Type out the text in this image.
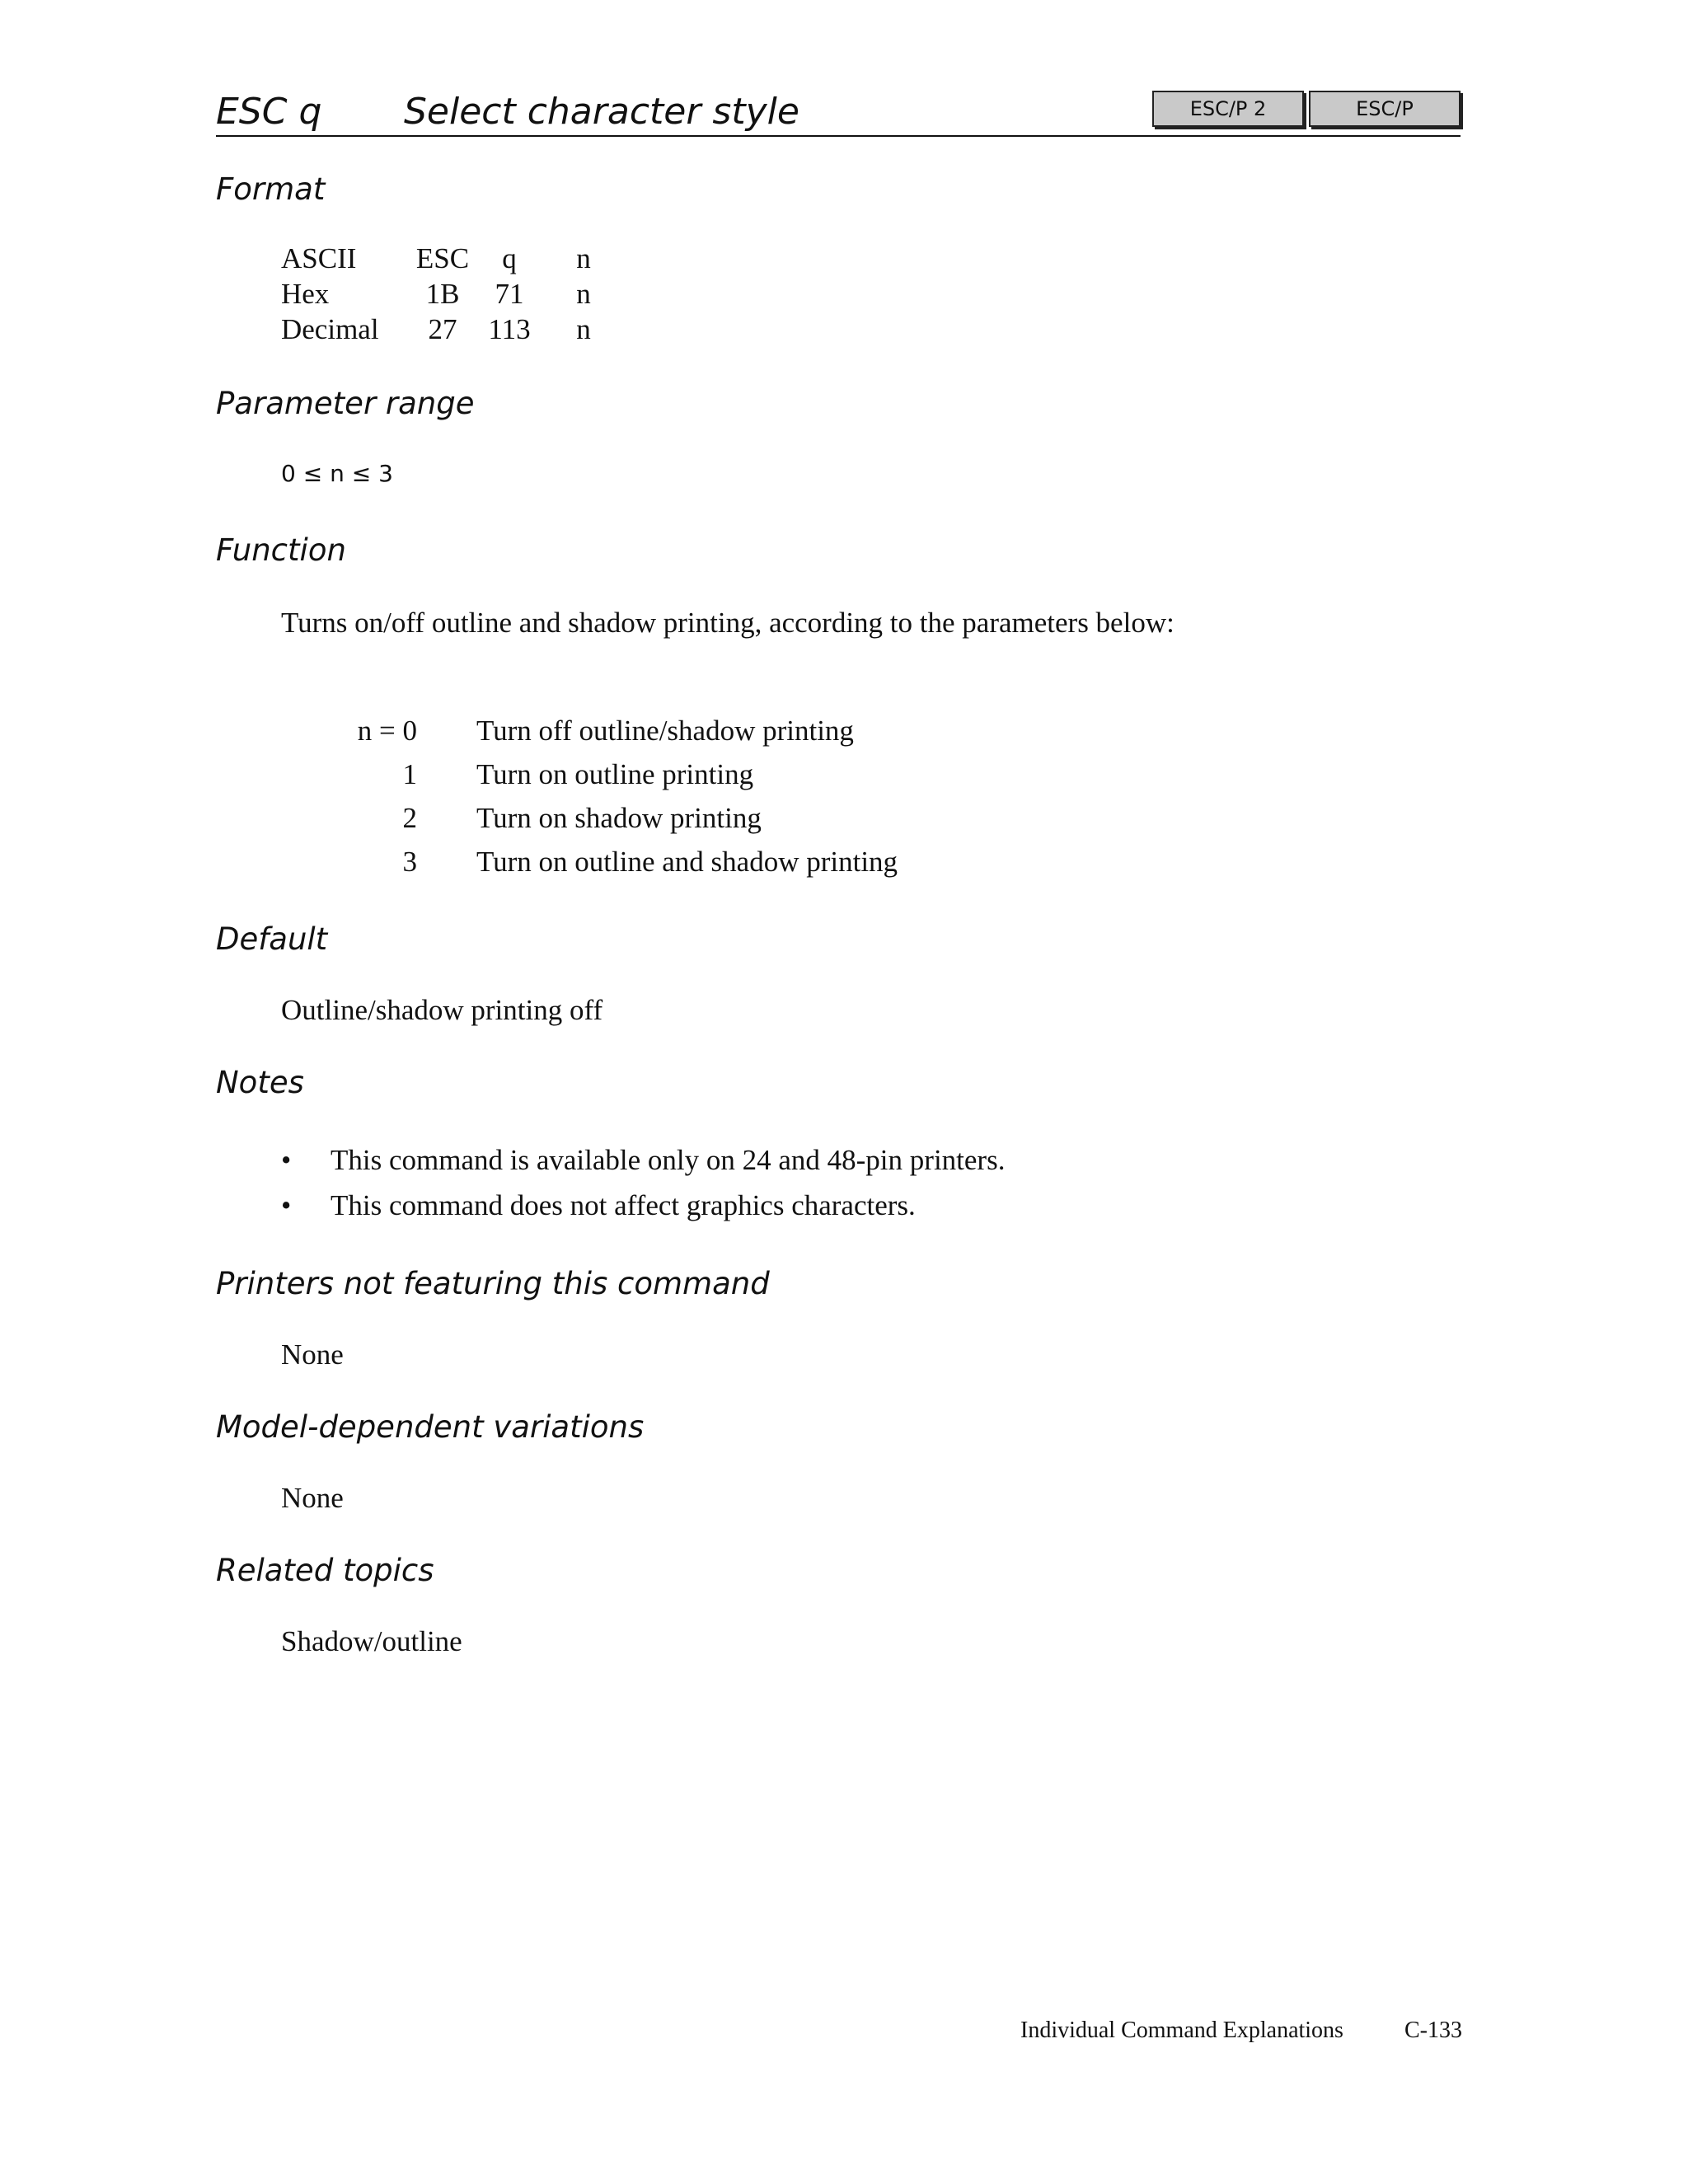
ESC q Select character style	ESC/P 2	ESC/P
Format
ASCII	ESC	q	n
Hex	1B	71	n
Decimal	27	113	n
Parameter range
0 ≤ n ≤ 3
Function
Turns on/off outline and shadow printing, according to the parameters below:
n = 0		Turn off outline/shadow printing
1		Turn on outline printing
2		Turn on shadow printing
3		Turn on outline and shadow printing
Default
Outline/shadow printing off
Notes
• This command is available only on 24 and 48-pin printers.
• This command does not affect graphics characters.
Printers not featuring this command
None
Model-dependent variations
None
Related topics
Shadow/outline
Individual Command Explanations	C-133
